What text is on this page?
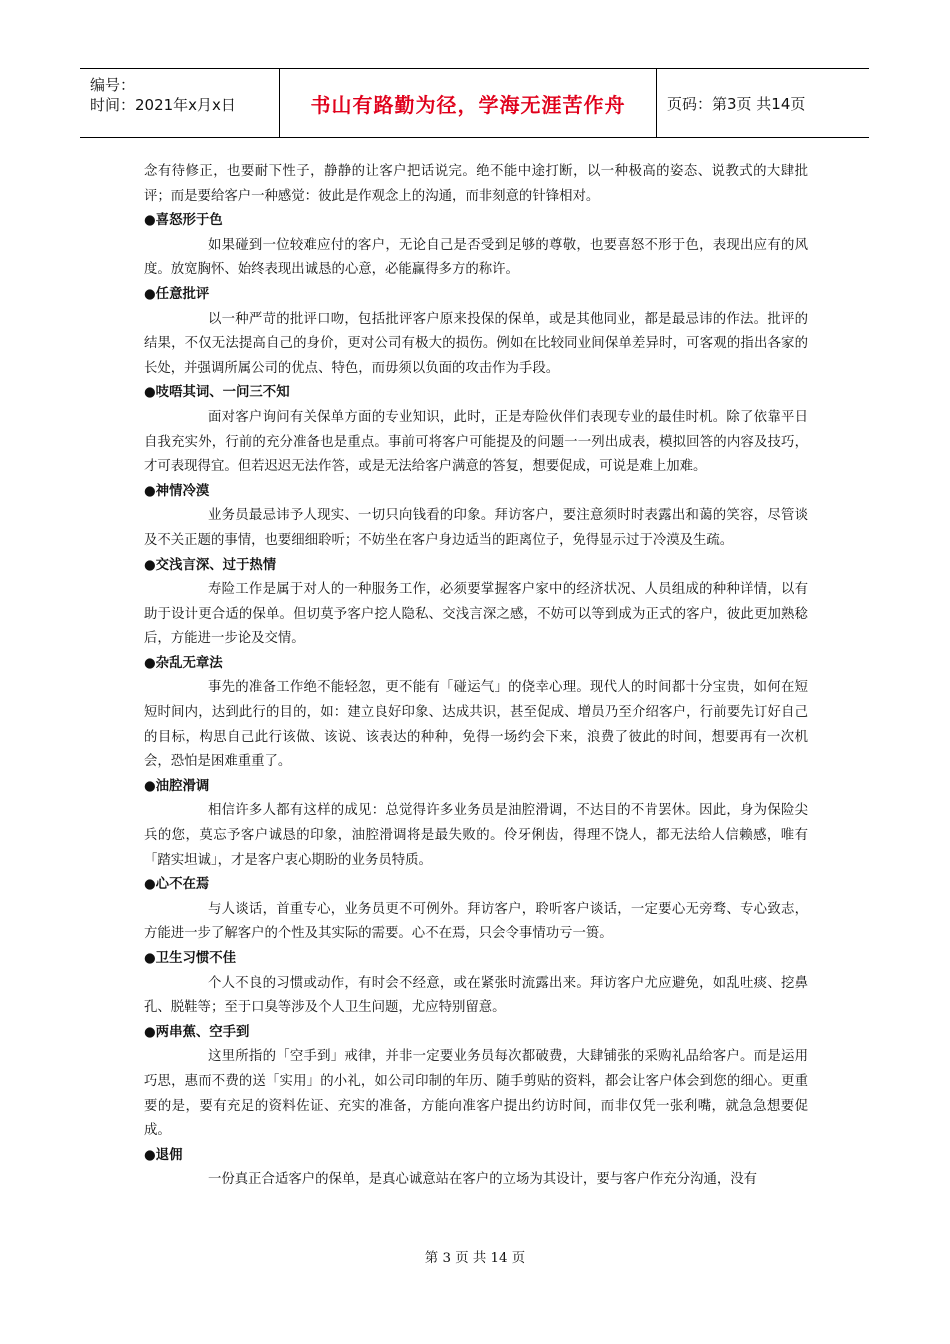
编号：
时间：2021年x月x日	书山有路勤为径，学海无涯苦作舟	页码：第3页 共14页

念有待修正，也要耐下性子，静静的让客户把话说完。绝不能中途打断，以一种极高的姿态、说教式的大肆批评；而是要给客户一种感觉：彼此是作观念上的沟通，而非刻意的针锋相对。

●喜怒形于色

如果碰到一位较难应付的客户，无论自己是否受到足够的尊敬，也要喜怒不形于色，表现出应有的风度。放宽胸怀、始终表现出诚恳的心意，必能赢得多方的称许。

●任意批评

以一种严苛的批评口吻，包括批评客户原来投保的保单，或是其他同业，都是最忌讳的作法。批评的结果，不仅无法提高自己的身价，更对公司有极大的损伤。例如在比较同业间保单差异时，可客观的指出各家的长处，并强调所属公司的优点、特色，而毋须以负面的攻击作为手段。

●吱唔其词、一问三不知

面对客户询问有关保单方面的专业知识，此时，正是寿险伙伴们表现专业的最佳时机。除了依靠平日自我充实外，行前的充分准备也是重点。事前可将客户可能提及的问题一一列出成表，模拟回答的内容及技巧，才可表现得宜。但若迟迟无法作答，或是无法给客户满意的答复，想要促成，可说是难上加难。

●神情冷漠

业务员最忌讳予人现实、一切只向钱看的印象。拜访客户，要注意须时时表露出和蔼的笑容，尽管谈及不关正题的事情，也要细细聆听；不妨坐在客户身边适当的距离位子，免得显示过于冷漠及生疏。

●交浅言深、过于热情

寿险工作是属于对人的一种服务工作，必须要掌握客户家中的经济状况、人员组成的种种详情，以有助于设计更合适的保单。但切莫予客户挖人隐私、交浅言深之感，不妨可以等到成为正式的客户，彼此更加熟稔后，方能进一步论及交情。

●杂乱无章法

事先的准备工作绝不能轻忽，更不能有「碰运气」的侥幸心理。现代人的时间都十分宝贵，如何在短短时间内，达到此行的目的，如：建立良好印象、达成共识，甚至促成、增员乃至介绍客户，行前要先订好自己的目标，构思自己此行该做、该说、该表达的种种，免得一场约会下来，浪费了彼此的时间，想要再有一次机会，恐怕是困难重重了。

●油腔滑调

相信许多人都有这样的成见：总觉得许多业务员是油腔滑调，不达目的不肯罢休。因此，身为保险尖兵的您，莫忘予客户诚恳的印象，油腔滑调将是最失败的。伶牙俐齿，得理不饶人，都无法给人信赖感，唯有「踏实坦诚」，才是客户衷心期盼的业务员特质。

●心不在焉

与人谈话，首重专心，业务员更不可例外。拜访客户，聆听客户谈话，一定要心无旁骛、专心致志，方能进一步了解客户的个性及其实际的需要。心不在焉，只会令事情功亏一篑。

●卫生习惯不佳

个人不良的习惯或动作，有时会不经意，或在紧张时流露出来。拜访客户尤应避免，如乱吐痰、挖鼻孔、脱鞋等；至于口臭等涉及个人卫生问题，尤应特别留意。

●两串蕉、空手到

这里所指的「空手到」戒律，并非一定要业务员每次都破费，大肆铺张的采购礼品给客户。而是运用巧思，惠而不费的送「实用」的小礼，如公司印制的年历、随手剪贴的资料，都会让客户体会到您的细心。更重要的是，要有充足的资料佐证、充实的准备，方能向准客户提出约访时间，而非仅凭一张利嘴，就急急想要促成。

●退佣

一份真正合适客户的保单，是真心诚意站在客户的立场为其设计，要与客户作充分沟通，没有

第 3 页 共 14 页
